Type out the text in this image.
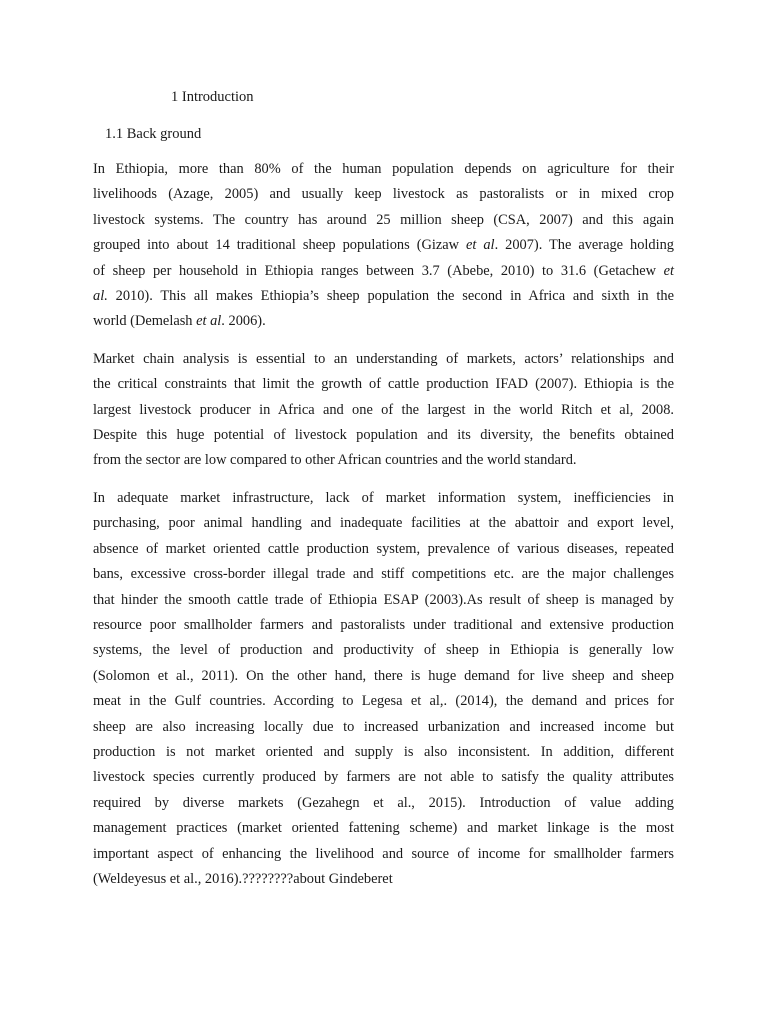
1 Introduction
1.1 Back ground

In Ethiopia, more than 80% of the human population depends on agriculture for their
livelihoods (Azage, 2005) and usually keep livestock as pastoralists or in mixed crop
livestock systems. The country has around 25 million sheep (CSA, 2007) and this again
grouped into about 14 traditional sheep populations (Gizaw et al. 2007). The average holding
of sheep per household in Ethiopia ranges between 3.7 (Abebe, 2010) to 31.6 (Getachew et
al. 2010). This all makes Ethiopia’s sheep population the second in Africa and sixth in the
world (Demelash et al. 2006).

Market chain analysis is essential to an understanding of markets, actors’ relationships and
the critical constraints that limit the growth of cattle production IFAD (2007). Ethiopia is the
largest livestock producer in Africa and one of the largest in the world Ritch et al, 2008.
Despite this huge potential of livestock population and its diversity, the benefits obtained
from the sector are low compared to other African countries and the world standard.

In adequate market infrastructure, lack of market information system, inefficiencies in
purchasing, poor animal handling and inadequate facilities at the abattoir and export level,
absence of market oriented cattle production system, prevalence of various diseases, repeated
bans, excessive cross-border illegal trade and stiff competitions etc. are the major challenges
that hinder the smooth cattle trade of Ethiopia ESAP (2003).As result of sheep is managed by
resource poor smallholder farmers and pastoralists under traditional and extensive production
systems, the level of production and productivity of sheep in Ethiopia is generally low
(Solomon et al., 2011). On the other hand, there is huge demand for live sheep and sheep
meat in the Gulf countries. According to Legesa et al,. (2014), the demand and prices for
sheep are also increasing locally due to increased urbanization and increased income but
production is not market oriented and supply is also inconsistent. In addition, different
livestock species currently produced by farmers are not able to satisfy the quality attributes
required by diverse markets (Gezahegn et al., 2015). Introduction of value adding
management practices (market oriented fattening scheme) and market linkage is the most
important aspect of enhancing the livelihood and source of income for smallholder farmers
(Weldeyesus et al., 2016).????????about Gindeberet
